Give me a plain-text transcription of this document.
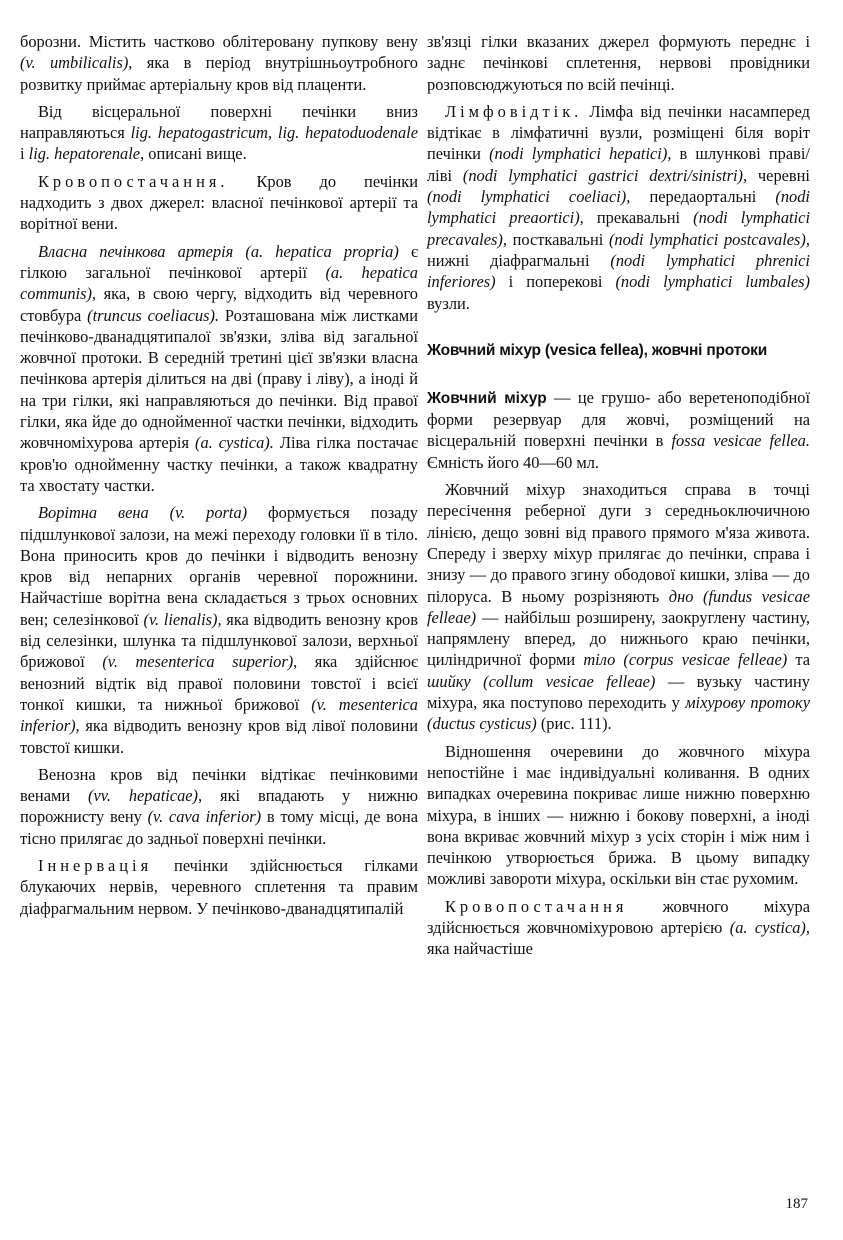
борозни. Містить частково облітеровану пупкову вену (v. umbilicalis), яка в період внутрішньоутробного розвитку приймає артеріальну кров від плаценти.

Від вісцеральної поверхні печінки вниз направляються lig. hepatogastricum, lig. hepatoduodenale і lig. hepatorenale, описані вище.

Кровопостачання. Кров до печінки надходить з двох джерел: власної печінкової артерії та ворітної вени.

Власна печінкова артерія (a. hepatica propria) є гілкою загальної печінкової артерії (a. hepatica communis), яка, в свою чергу, відходить від черевного стовбура (truncus coeliacus). Розташована між листками печінково-дванадцятипалої зв'язки, зліва від загальної жовчної протоки. В середній третині цієї зв'язки власна печінкова артерія ділиться на дві (праву і ліву), а іноді й на три гілки, які направляються до печінки. Від правої гілки, яка йде до однойменної частки печінки, відходить жовчноміхурова артерія (a. cystica). Ліва гілка постачає кров'ю однойменну частку печінки, а також квадратну та хвостату частки.

Ворітна вена (v. porta) формується позаду підшлункової залози, на межі переходу головки її в тіло. Вона приносить кров до печінки і відводить венозну кров від непарних органів черевної порожнини. Найчастіше ворітна вена складається з трьох основних вен; селезінкової (v. lienalis), яка відводить венозну кров від селезінки, шлунка та підшлункової залози, верхньої брижової (v. mesenterica superior), яка здійснює венозний відтік від правої половини товстої і всієї тонкої кишки, та нижньої брижової (v. mesenterica inferior), яка відводить венозну кров від лівої половини товстої кишки.

Венозна кров від печінки відтікає печінковими венами (vv. hepaticae), які впадають у нижню порожнисту вену (v. cava inferior) в тому місці, де вона тісно прилягає до задньої поверхні печінки.

Іннервація печінки здійснюється гілками блукаючих нервів, черевного сплетення та правим діафрагмальним нервом. У печінково-дванадцятипалій

зв'язці гілки вказаних джерел формують переднє і заднє печінкові сплетення, нервові провідники розповсюджуються по всій печінці.

Лімфовідтік. Лімфа від печінки насамперед відтікає в лімфатичні вузли, розміщені біля воріт печінки (nodi lymphatici hepatici), в шлункові праві/ліві (nodi lymphatici gastrici dextri/sinistri), черевні (nodi lymphatici coeliaci), передаортальні (nodi lymphatici preaortici), прекавальні (nodi lymphatici precavales), посткавальні (nodi lymphatici postcavales), нижні діафрагмальні (nodi lymphatici phrenici inferiores) і поперекові (nodi lymphatici lumbales) вузли.

Жовчний міхур (vesica fellea), жовчні протоки

Жовчний міхур — це грушо- або веретеноподібної форми резервуар для жовчі, розміщений на вісцеральній поверхні печінки в fossa vesicae fellea. Ємність його 40—60 мл.

Жовчний міхур знаходиться справа в точці пересічення реберної дуги з середньоключичною лінією, дещо зовні від правого прямого м'яза живота. Спереду і зверху міхур прилягає до печінки, справа і знизу — до правого згину ободової кишки, зліва — до пілоруса. В ньому розрізняють дно (fundus vesicae felleae) — найбільш розширену, заокруглену частину, напрямлену вперед, до нижнього краю печінки, циліндричної форми тіло (corpus vesicae felleae) та шийку (collum vesicae felleae) — вузьку частину міхура, яка поступово переходить у міхурову протоку (ductus cysticus) (рис. 111).

Відношення очеревини до жовчного міхура непостійне і має індивідуальні коливання. В одних випадках очеревина покриває лише нижню поверхню міхура, в інших — нижню і бокову поверхні, а іноді вона вкриває жовчний міхур з усіх сторін і між ним і печінкою утворюється брижа. В цьому випадку можливі завороти міхура, оскільки він стає рухомим.

Кровопостачання жовчного міхура здійснюється жовчноміхуровою артерією (a. cystica), яка найчастіше

187
